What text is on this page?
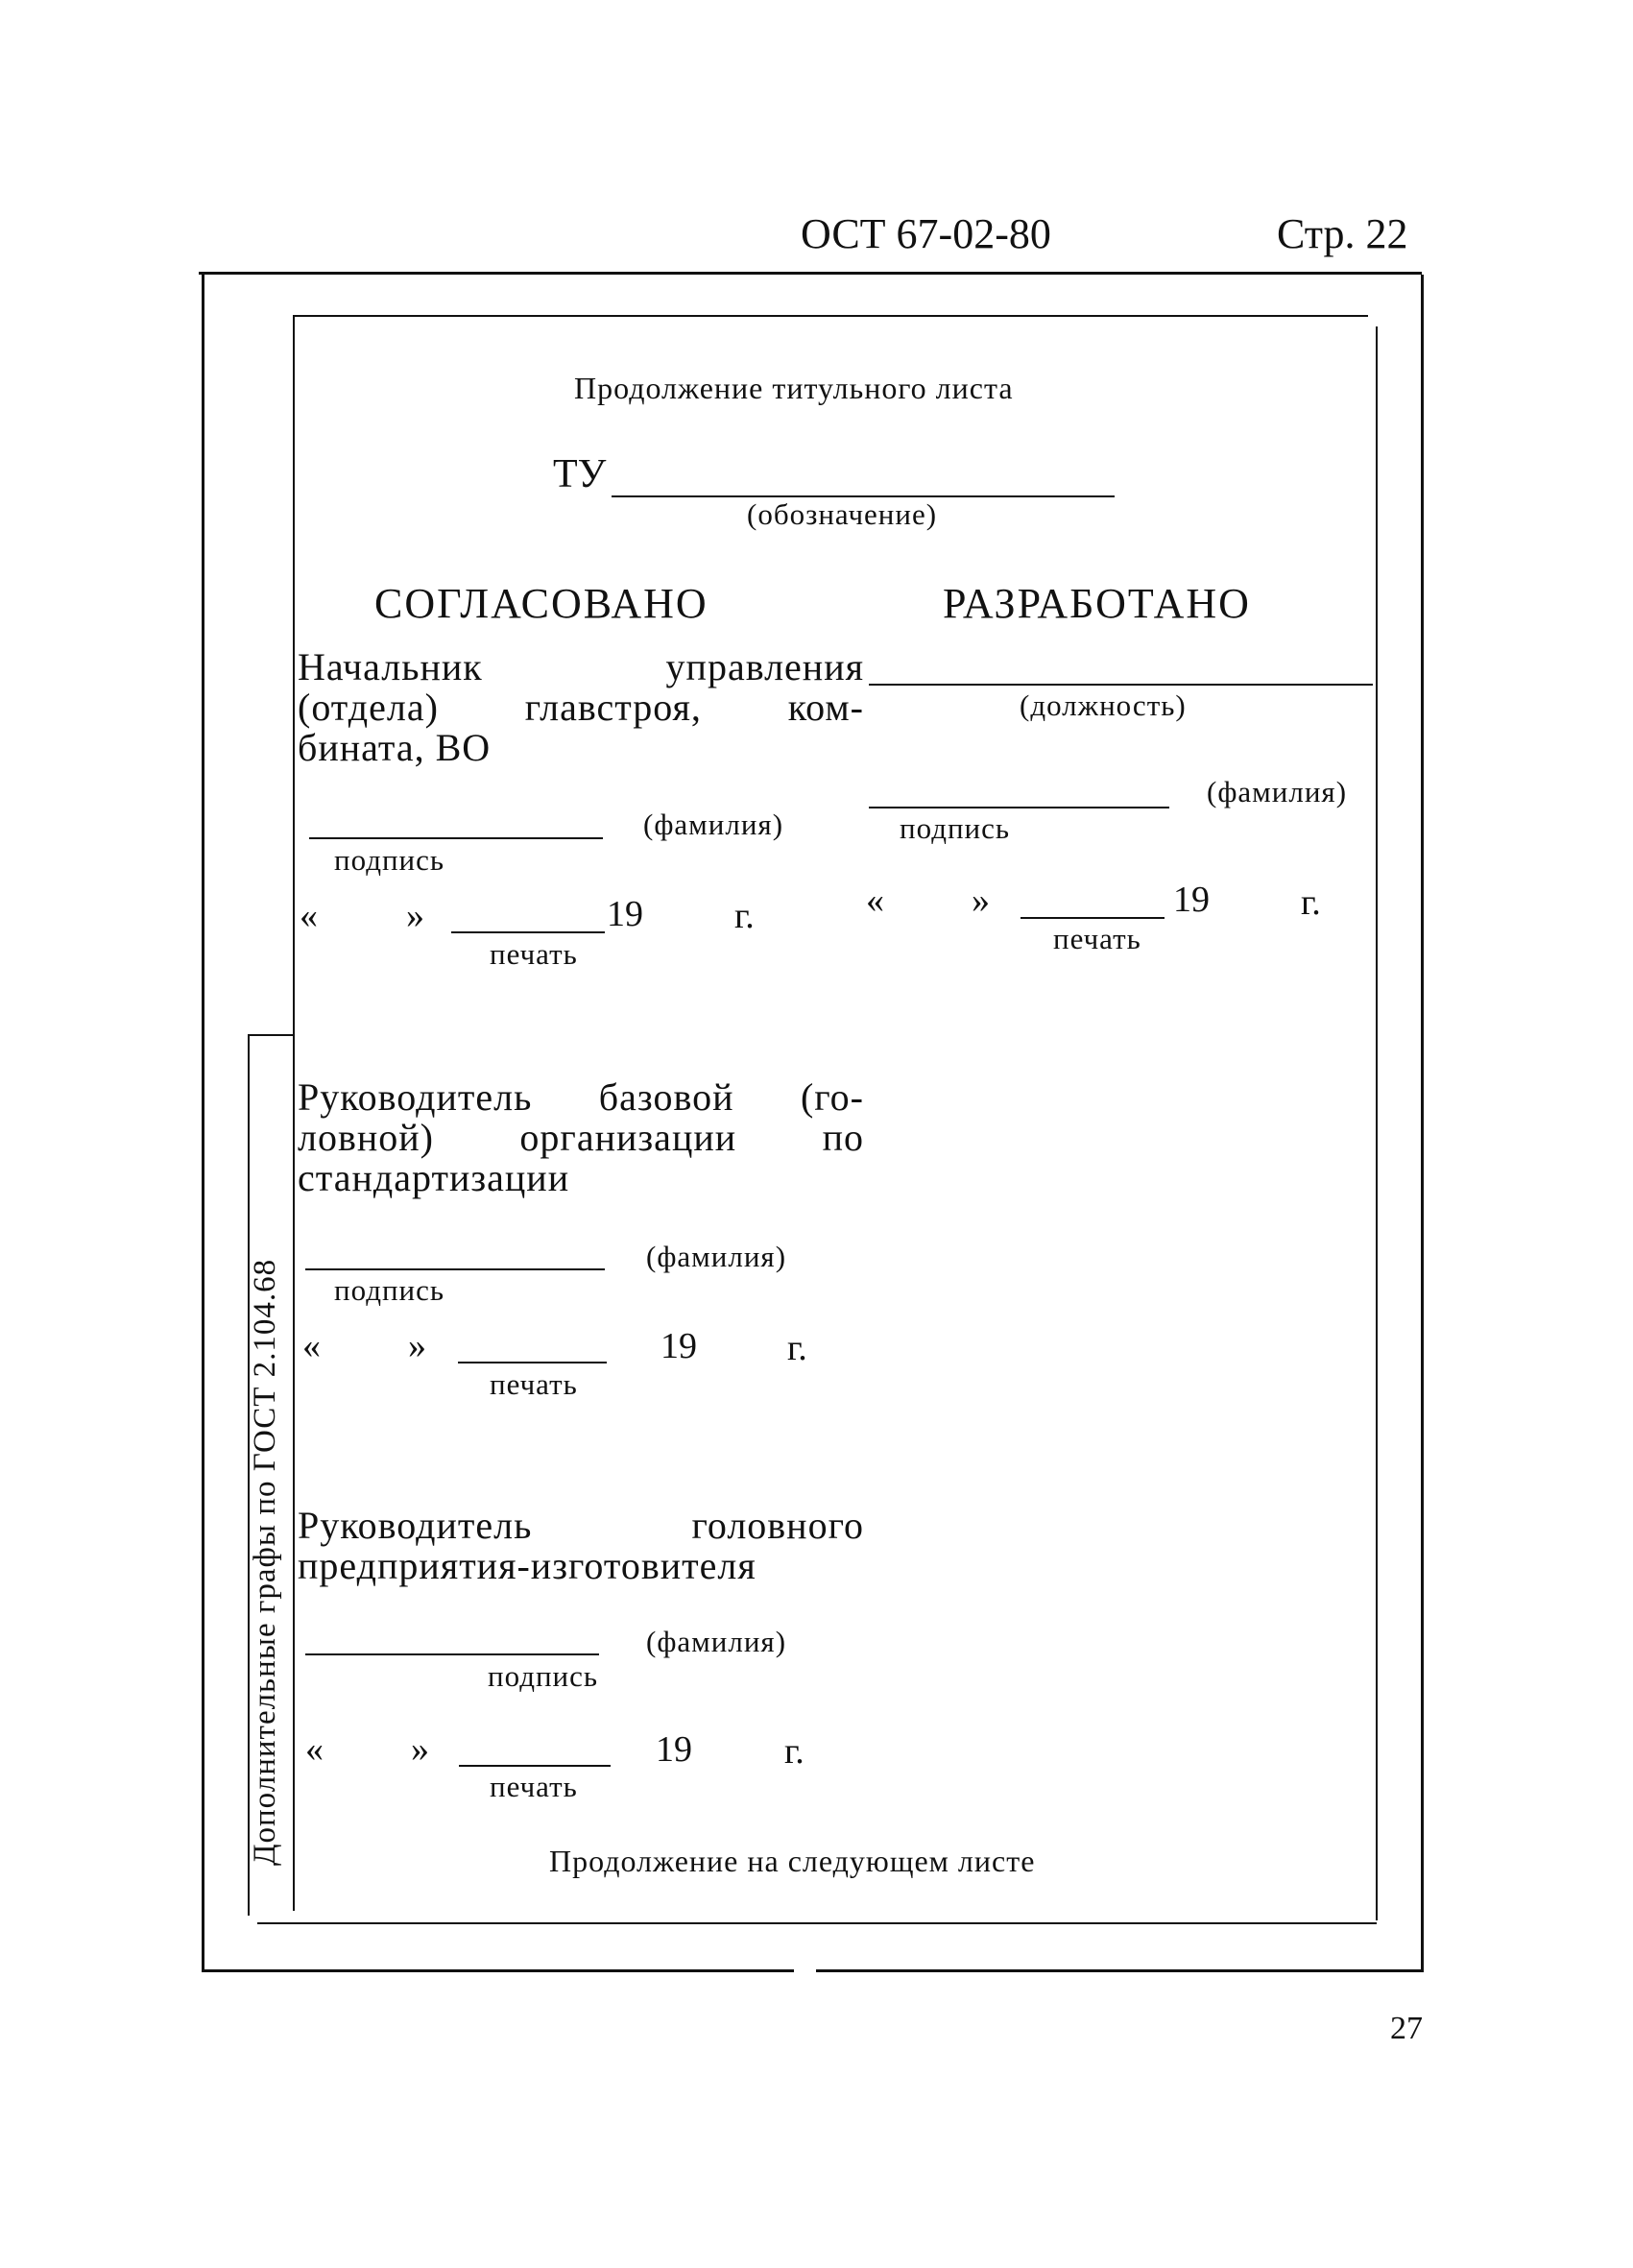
ОСТ 67-02-80	Стр. 22
Дополнительные графы по ГОСТ 2.104.68
Продолжение титульного листа
ТУ
(обозначение)
СОГЛАСОВАНО	РАЗРАБОТАНО
Начальник управления
(отдела) главстроя, ком-
бината, ВО
(фамилия)
подпись
« »	19	г.
печать
(должность)
(фамилия)
подпись
« »	19	г.
печать
Руководитель базовой (го-
ловной) организации по
стандартизации
(фамилия)
подпись
« »	19 г.
печать
Руководитель головного
предприятия-изготовителя
(фамилия)
подпись
« »	19	г.
печать
Продолжение на следующем листе
27
